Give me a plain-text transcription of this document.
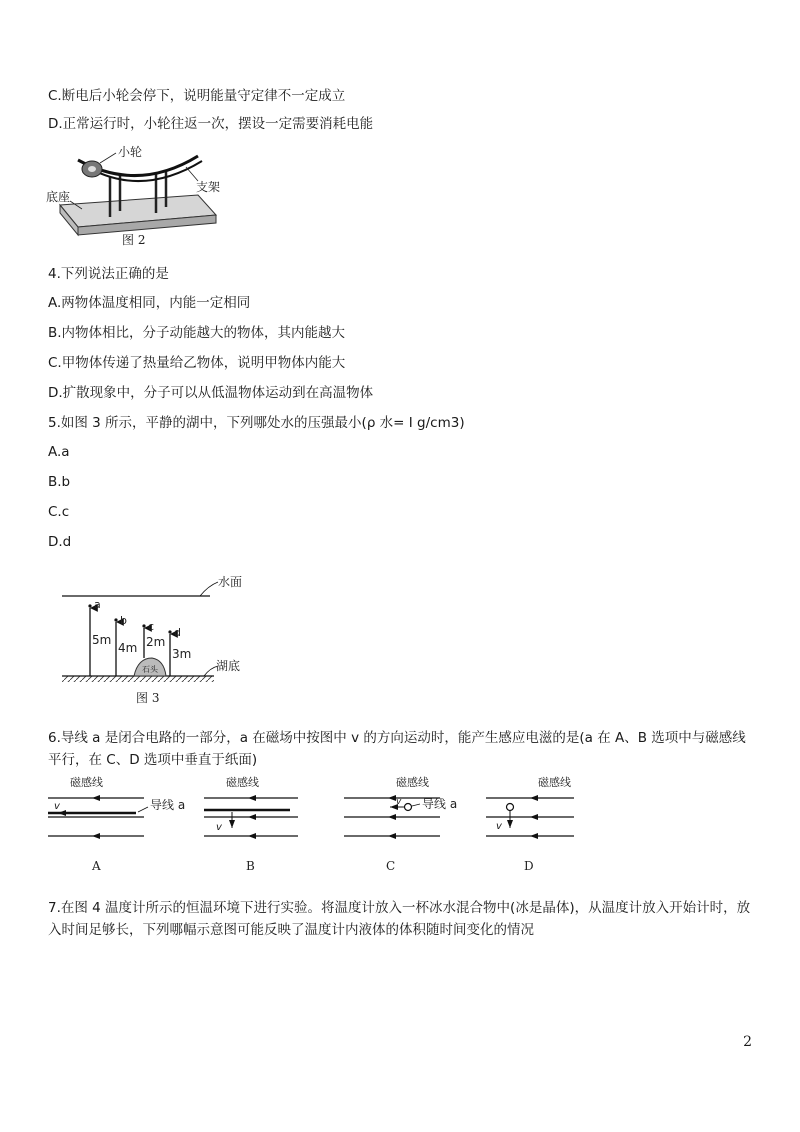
C.断电后小轮会停下，说明能量守定律不一定成立
D.正常运行时，小轮往返一次，摆设一定需要消耗电能
小轮
支架
底座
图 2
4.下列说法正确的是
A.两物体温度相同，内能一定相同
B.内物体相比，分子动能越大的物体，其内能越大
C.甲物体传递了热量给乙物体，说明甲物体内能大
D.扩散现象中，分子可以从低温物体运动到在高温物体
5.如图 3 所示，平静的湖中，下列哪处水的压强最小(ρ 水= I g/cm3)
A.a
B.b
C.c
D.d
水面
湖底
石头
a
b c d
5m
4m 2m
3m
图 3
6.导线 a 是闭合电路的一部分，a 在磁场中按图中 v 的方向运动时，能产生感应电滋的是(a 在 A、B 选项中与磁感线平行，在 C、D 选项中垂直于纸面)
磁感线
v	导线 a
A
磁感线
v
B
磁感线
v 导线 a
C
磁感线
v
D
7.在图 4 温度计所示的恒温环境下进行实验。将温度计放入一杯冰水混合物中(冰是晶体)，从温度计放入开始计时，放入时间足够长，下列哪幅示意图可能反映了温度计内液体的体积随时间变化的情况
2
